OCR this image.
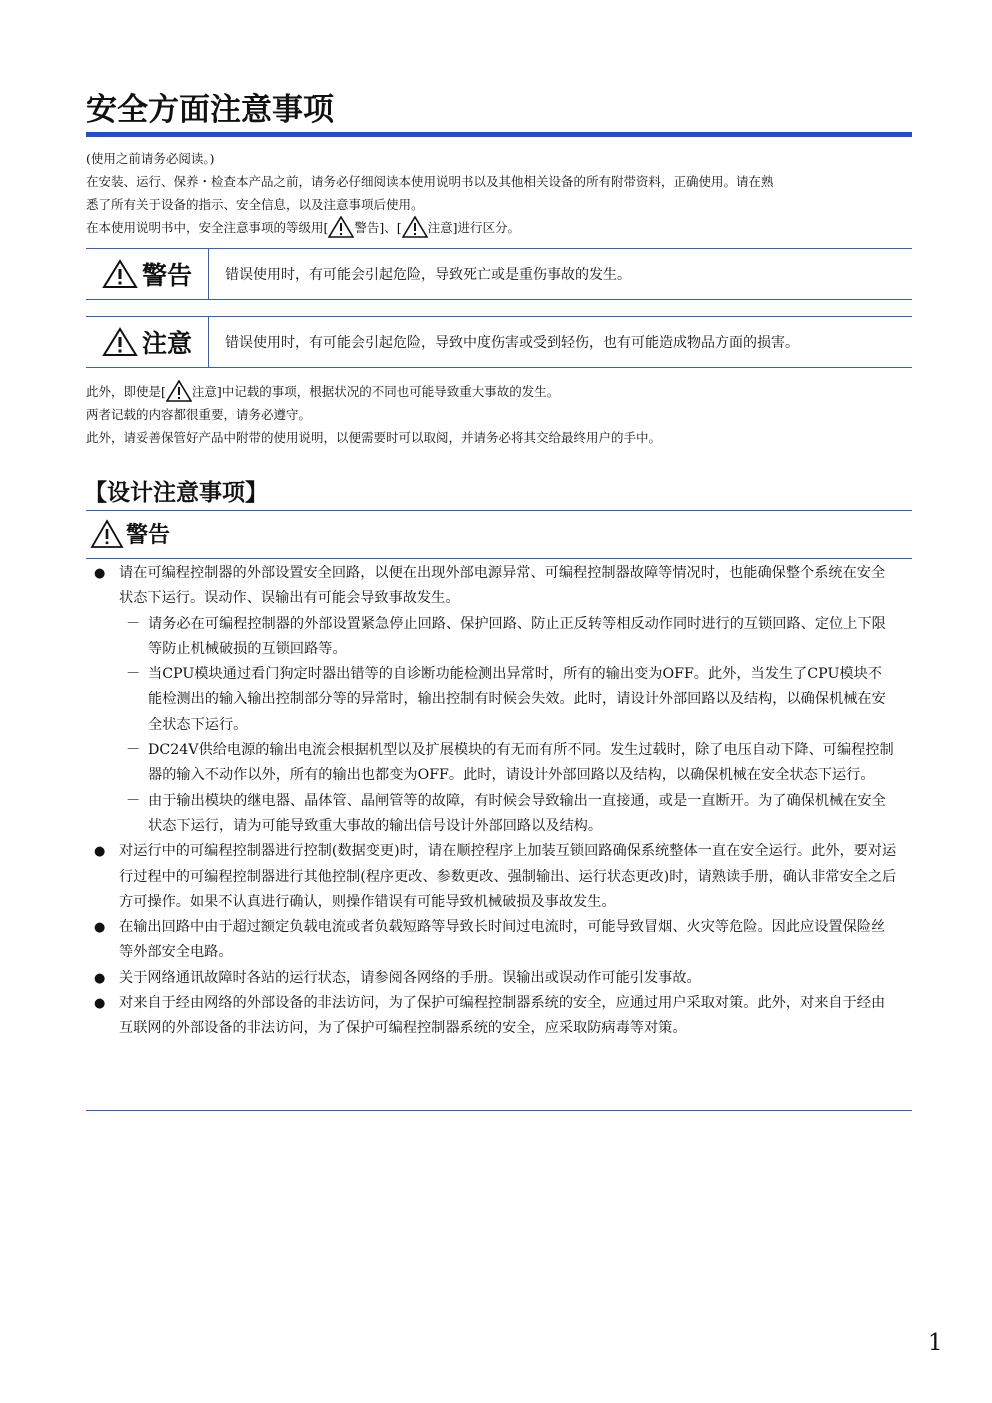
安全方面注意事项

(使用之前请务必阅读。)

在安装、运行、保养・检查本产品之前，请务必仔细阅读本使用说明书以及其他相关设备的所有附带资料，正确使用。请在熟

悉了所有关于设备的指示、安全信息，以及注意事项后使用。

在本使用说明书中，安全注意事项的等级用[ 警告]、[ 注意]进行区分。

警告	错误使用时，有可能会引起危险，导致死亡或是重伤事故的发生。
注意	错误使用时，有可能会引起危险，导致中度伤害或受到轻伤，也有可能造成物品方面的损害。

此外，即使是[ 注意]中记载的事项，根据状况的不同也可能导致重大事故的发生。

两者记载的内容都很重要，请务必遵守。

此外，请妥善保管好产品中附带的使用说明，以便需要时可以取阅，并请务必将其交给最终用户的手中。

【设计注意事项】
警告

● 请在可编程控制器的外部设置安全回路，以便在出现外部电源异常、可编程控制器故障等情况时，也能确保整个系统在安全状态下运行。误动作、误输出有可能会导致事故发生。

－ 请务必在可编程控制器的外部设置紧急停止回路、保护回路、防止正反转等相反动作同时进行的互锁回路、定位上下限等防止机械破损的互锁回路等。

－ 当CPU模块通过看门狗定时器出错等的自诊断功能检测出异常时，所有的输出变为OFF。此外，当发生了CPU模块不能检测出的输入输出控制部分等的异常时，输出控制有时候会失效。此时，请设计外部回路以及结构，以确保机械在安全状态下运行。

－ DC24V供给电源的输出电流会根据机型以及扩展模块的有无而有所不同。发生过载时，除了电压自动下降、可编程控制器的输入不动作以外，所有的输出也都变为OFF。此时，请设计外部回路以及结构，以确保机械在安全状态下运行。

－ 由于输出模块的继电器、晶体管、晶闸管等的故障，有时候会导致输出一直接通，或是一直断开。为了确保机械在安全状态下运行，请为可能导致重大事故的输出信号设计外部回路以及结构。

● 对运行中的可编程控制器进行控制(数据变更)时，请在顺控程序上加装互锁回路确保系统整体一直在安全运行。此外，要对运行过程中的可编程控制器进行其他控制(程序更改、参数更改、强制输出、运行状态更改)时，请熟读手册，确认非常安全之后方可操作。如果不认真进行确认，则操作错误有可能导致机械破损及事故发生。

● 在输出回路中由于超过额定负载电流或者负载短路等导致长时间过电流时，可能导致冒烟、火灾等危险。因此应设置保险丝等外部安全电路。

● 关于网络通讯故障时各站的运行状态，请参阅各网络的手册。误输出或误动作可能引发事故。

● 对来自于经由网络的外部设备的非法访问，为了保护可编程控制器系统的安全，应通过用户采取对策。此外，对来自于经由互联网的外部设备的非法访问，为了保护可编程控制器系统的安全，应采取防病毒等对策。

1
